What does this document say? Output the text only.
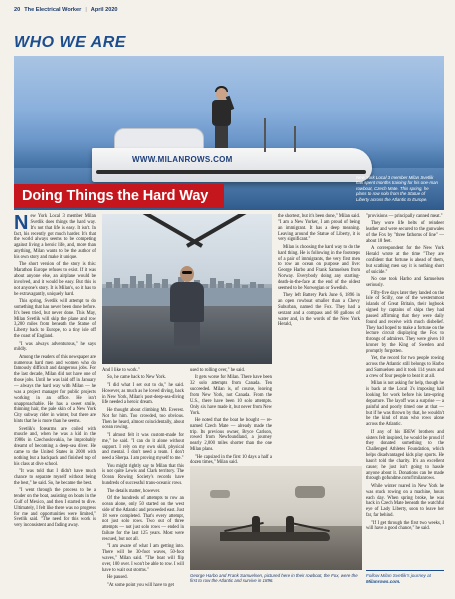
20 The Electrical Worker | April 2020
WHO WE ARE
WWW.MILANROWS.COM
New York Local 3 member Milan Svetlik has spent months training for his one-man rowboat, Czech Mate. This spring, he plans to row solo from the Statue of Liberty across the Atlantic to Europe.
Doing Things the Hard Way

New York Local 3 member Milan Svetlik does things the hard way. It's not that life is easy. It isn't. In fact, his recently got much harder. It's that the world always seems to be competing against living a heroic life, and, more than anything, Milan wants to be the author of his own story and make it unique.

The short version of the story is this: Marathon Europe refuses to exist. If it was about anyone else, an airplane would be involved, and it would be easy. But this is not anyone's story. It is Milan's, so it has to be extravagantly, uniquely hard.

This spring, Svetlik will attempt to do something that has never been done before. It's been tried, but never done. This May, Milan Svetlik will skip the plane and row 3,200 miles from beneath the Statue of Liberty back to Europe, to a tiny isle off the coast of England.

"I was always adventurous," he says mildly.

Among the readers of this newspaper are numerous hard men and women who do famously difficult and dangerous jobs. For the last decade, Milan did not have one of those jobs. Until he was laid off in January — always the hard way with Milan — he was a project manager for public projects working in an office. He isn't unapproachable. He has a sweet smile, thinning hair, the pale skin of a New York City subway rider in winter, but there are hints that he is more than he seems.

Svetlik's forearms are coiled with muscle and, when he was a kid in the 1980s in Czechoslovakia, he improbably dreamt of becoming a deep-sea diver. He came to the United States in 2000 with nothing but a backpack and finished top of his class at dive school.

"It was told that I didn't have much chance to separate myself without being the best," he said. So, he became the best.

"I went through the process to be a tender on the boat, assisting on boats in the Gulf of Mexico, and then I started to dive. Ultimately, I felt like there was no progress for me and opportunities were limited," Svetlik said. "The need for this work is very inconsistent and fading away.

And I like to work."

So, he came back to New York.

"I did what I set out to do," he said. However, as much as he loved diving, back in New York, Milan's post-deep-sea-diving life needed a heroic dream.

He thought about climbing Mt. Everest. Not for him. Too crowded, too obvious. Then he heard, almost coincidentally, about ocean rowing.

"I almost felt it was custom-made for me," he said. "I can do it alone without support. I rely on my own skill, physical and mental. I don't need a team. I don't need a Sherpa. I am proving myself to me."

You might rightly say to Milan that this is not quite Lewis and Clark territory. The Ocean Rowing Society's records have hundreds of successful trans-oceanic rows.

The details matter, however.

Of the hundreds of attempts to row an ocean alone, only 50 started on the west side of the Atlantic and proceeded east. Just 18 were completed. That's every attempt, not just solo rows. Two out of three attempts — not just solo rows — ended in failure for the last 125 years. Most were rescued, but not all.

"I am aware of what I am getting into. There will be 30-foot waves, 50-foot waves," Milan said. "The boat will flip over, 100 over. I won't be able to row. I will have to wait out storms."

He paused.

"At some point you will have to get

used to rolling over," he said.

It gets worse for Milan. There have been 32 solo attempts from Canada. Ten succeeded. Milan is, of course, leaving from New York, not Canada. From the U.S., there have been 10 solo attempts. Only six have made it, but never from New York.

He noted that the boat he bought — re-named Czech Mate — already made the trip. Its previous owner, Bryce Carlson, rowed from Newfoundland, a journey nearly 2,000 miles shorter than the one Milan plans.

"He capsized in the first 10 days a half a dozen times," Milan said.

George Harbo and Frank Samuelsen, pictured here in their rowboat, the Fox, were the first to row the Atlantic and survive in 1896.

the shortest, but it's been done," Milan said. "I am a New Yorker, I am proud of being an immigrant. It has a deep meaning. Leaving around the Statue of Liberty, it is very significant."

Milan is choosing the hard way to do the hard thing. He is following in the footsteps of a pair of immigrants, the very first men to row an ocean on purpose and live: George Harbo and Frank Samuelsen from Norway. Everybody doing any starting-death-in-the-face at the end of the oldest seemed to be Norwegian or Swedish.

They left Battery Park June 6, 1896 in an open rowboat smaller than a Chevy Suburban, named the Fox. They had a sextant and a compass and 60 gallons of water and, in the words of the New York Herald,

"provisions — principally canned meat."

They wore life belts of reindeer leather and were secured to the gunwales of the Fox by "three fathoms of line" — about 18 feet.

A correspondent for the New York Herald wrote at the time "They are confident that fortune is ahead of them, but scathing men say it is nothing short of suicide."

No one took Harbo and Samuelsen seriously.

Fifty-five days later they landed on the Isle of Scilly, one of the westernmost islands of Great Britain, their logbook signed by captains of ships they had passed affirming that they were daily found and receive with much disbelief. They had hoped to make a fortune on the lecture circuit displaying the Fox to throngs of admirers. They were given 10 kroner by the King of Sweden and promptly forgotten.

Yet, the record for two people rowing across the Atlantic still belongs to Harbo and Samuelsen and it took 114 years and a crew of four people to beat it at all.

Milan is not asking for help, though he is back at the Local 3's imposing hall looking for work before his late-spring departure. The layoff was a surprise — a painful and poorly timed one at that — but if he was thrown by that, he wouldn't be the kind of man who rows alone across the Atlantic.

If any of his IBEW brothers and sisters felt inspired, he would be proud if they donated something to the Challenged Athletes Foundation, which helps disadvantaged kids play sports. He hasn't told the charity. It's an excellent cause; he just isn't going to hassle anyone about it. Donations can be made through gofundme.com/f/milanrows.

While winter roared in New York he was stuck rowing on a machine, hours each day. When spring broke, he was back in Czech Mate beneath the watchful eye of Lady Liberty, soon to leave her far, far behind.

"If I get through the first two weeks, I will have a good chance," he said.

Follow Milan Svetlik's journey at Milanrows.com.
